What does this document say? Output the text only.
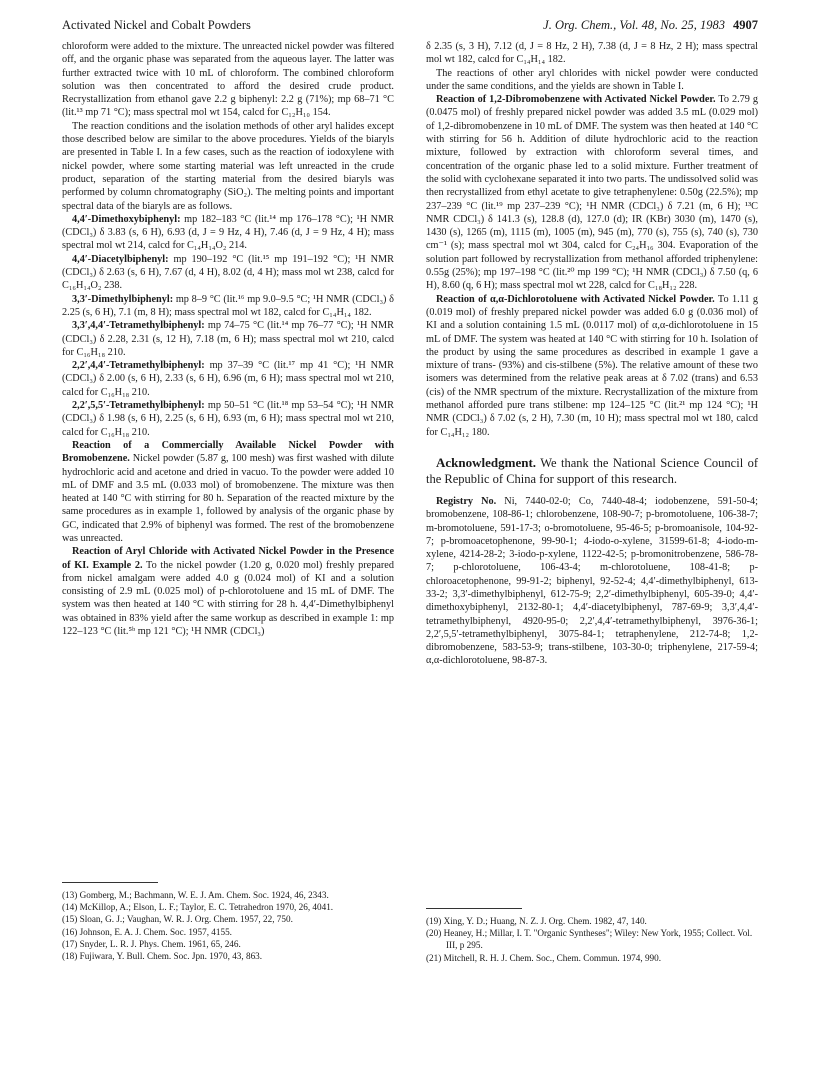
Activated Nickel and Cobalt Powders	J. Org. Chem., Vol. 48, No. 25, 1983 4907

chloroform were added to the mixture. The unreacted nickel powder was filtered off, and the organic phase was separated from the aqueous layer. The latter was further extracted twice with 10 mL of chloroform. The combined chloroform solution was then concentrated to afford the desired crude product. Recrystallization from ethanol gave 2.2 g biphenyl: 2.2 g (71%); mp 68–71 °C (lit.¹³ mp 71 °C); mass spectral mol wt 154, calcd for C₁₂H₁₀ 154.

The reaction conditions and the isolation methods of other aryl halides except those described below are similar to the above procedures. Yields of the biaryls are presented in Table I. In a few cases, such as the reaction of iodoxylene with nickel powder, where some starting material was left unreacted in the crude product, separation of the starting material from the desired biaryls was performed by column chromatography (SiO₂). The melting points and important spectral data of the biaryls are as follows.

4,4′-Dimethoxybiphenyl: mp 182–183 °C (lit.¹⁴ mp 176–178 °C); ¹H NMR (CDCl₃) δ 3.83 (s, 6 H), 6.93 (d, J = 9 Hz, 4 H), 7.46 (d, J = 9 Hz, 4 H); mass spectral mol wt 214, calcd for C₁₄H₁₄O₂ 214.

4,4′-Diacetylbiphenyl: mp 190–192 °C (lit.¹⁵ mp 191–192 °C); ¹H NMR (CDCl₃) δ 2.63 (s, 6 H), 7.67 (d, 4 H), 8.02 (d, 4 H); mass mol wt 238, calcd for C₁₆H₁₄O₂ 238.

3,3′-Dimethylbiphenyl: mp 8–9 °C (lit.¹⁶ mp 9.0–9.5 °C; ¹H NMR (CDCl₃) δ 2.25 (s, 6 H), 7.1 (m, 8 H); mass spectral mol wt 182, calcd for C₁₄H₁₄ 182.

3,3′,4,4′-Tetramethylbiphenyl: mp 74–75 °C (lit.¹⁴ mp 76–77 °C); ¹H NMR (CDCl₃) δ 2.28, 2.31 (s, 12 H), 7.18 (m, 6 H); mass spectral mol wt 210, calcd for C₁₆H₁₈ 210.

2,2′,4,4′-Tetramethylbiphenyl: mp 37–39 °C (lit.¹⁷ mp 41 °C); ¹H NMR (CDCl₃) δ 2.00 (s, 6 H), 2.33 (s, 6 H), 6.96 (m, 6 H); mass spectral mol wt 210, calcd for C₁₆H₁₈ 210.

2,2′,5,5′-Tetramethylbiphenyl: mp 50–51 °C (lit.¹⁸ mp 53–54 °C); ¹H NMR (CDCl₃) δ 1.98 (s, 6 H), 2.25 (s, 6 H), 6.93 (m, 6 H); mass spectral mol wt 210, calcd for C₁₆H₁₈ 210.

Reaction of a Commercially Available Nickel Powder with Bromobenzene. Nickel powder (5.87 g, 100 mesh) was first washed with dilute hydrochloric acid and acetone and dried in vacuo. To the powder were added 10 mL of DMF and 3.5 mL (0.033 mol) of bromobenzene. The mixture was then heated at 140 °C with stirring for 80 h. Separation of the reacted mixture by the same procedures as in example 1, followed by analysis of the organic phase by GC, indicated that 2.9% of biphenyl was formed. The rest of the bromobenzene was unreacted.

Reaction of Aryl Chloride with Activated Nickel Powder in the Presence of KI. Example 2. To the nickel powder (1.20 g, 0.020 mol) freshly prepared from nickel amalgam were added 4.0 g (0.024 mol) of KI and a solution consisting of 2.9 mL (0.025 mol) of p-chlorotoluene and 15 mL of DMF. The system was then heated at 140 °C with stirring for 28 h. 4,4′-Dimethylbiphenyl was obtained in 83% yield after the same workup as described in example 1: mp 122–123 °C (lit.⁵ᵇ mp 121 °C); ¹H NMR (CDCl₃)

δ 2.35 (s, 3 H), 7.12 (d, J = 8 Hz, 2 H), 7.38 (d, J = 8 Hz, 2 H); mass spectral mol wt 182, calcd for C₁₄H₁₄ 182.

The reactions of other aryl chlorides with nickel powder were conducted under the same conditions, and the yields are shown in Table I.

Reaction of 1,2-Dibromobenzene with Activated Nickel Powder. To 2.79 g (0.0475 mol) of freshly prepared nickel powder was added 3.5 mL (0.029 mol) of 1,2-dibromobenzene in 10 mL of DMF. The system was then heated at 140 °C with stirring for 56 h. Addition of dilute hydrochloric acid to the reaction mixture, followed by extraction with chloroform several times, and concentration of the organic phase led to a solid mixture. Further treatment of the solid with cyclohexane separated it into two parts. The undissolved solid was then recrystallized from ethyl acetate to give tetraphenylene: 0.50g (22.5%); mp 237–239 °C (lit.¹⁹ mp 237–239 °C); ¹H NMR (CDCl₃) δ 7.21 (m, 6 H); ¹³C NMR CDCl₃) δ 141.3 (s), 128.8 (d), 127.0 (d); IR (KBr) 3030 (m), 1470 (s), 1430 (s), 1265 (m), 1115 (m), 1005 (m), 945 (m), 770 (s), 755 (s), 740 (s), 730 cm⁻¹ (s); mass spectral mol wt 304, calcd for C₂₄H₁₆ 304. Evaporation of the solution part followed by recrystallization from methanol afforded triphenylene: 0.55g (25%); mp 197–198 °C (lit.²⁰ mp 199 °C); ¹H NMR (CDCl₃) δ 7.50 (q, 6 H), 8.60 (q, 6 H); mass spectral mol wt 228, calcd for C₁₈H₁₂ 228.

Reaction of α,α-Dichlorotoluene with Activated Nickel Powder. To 1.11 g (0.019 mol) of freshly prepared nickel powder was added 6.0 g (0.036 mol) of KI and a solution containing 1.5 mL (0.0117 mol) of α,α-dichlorotoluene in 15 mL of DMF. The system was heated at 140 °C with stirring for 10 h. Isolation of the product by using the same procedures as described in example 1 gave a mixture of trans- (93%) and cis-stilbene (5%). The relative amount of these two isomers was determined from the relative peak areas at δ 7.02 (trans) and 6.53 (cis) of the NMR spectrum of the mixture. Recrystallization of the mixture from methanol afforded pure trans stilbene: mp 124–125 °C (lit.²¹ mp 124 °C); ¹H NMR (CDCl₃) δ 7.02 (s, 2 H), 7.30 (m, 10 H); mass spectral mol wt 180, calcd for C₁₄H₁₂ 180.

Acknowledgment. We thank the National Science Council of the Republic of China for support of this research.

Registry No. Ni, 7440-02-0; Co, 7440-48-4; iodobenzene, 591-50-4; bromobenzene, 108-86-1; chlorobenzene, 108-90-7; p-bromotoluene, 106-38-7; m-bromotoluene, 591-17-3; o-bromotoluene, 95-46-5; p-bromoanisole, 104-92-7; p-bromoacetophenone, 99-90-1; 4-iodo-o-xylene, 31599-61-8; 4-iodo-m-xylene, 4214-28-2; 3-iodo-p-xylene, 1122-42-5; p-bromonitrobenzene, 586-78-7; p-chlorotoluene, 106-43-4; m-chlorotoluene, 108-41-8; p-chloroacetophenone, 99-91-2; biphenyl, 92-52-4; 4,4′-dimethylbiphenyl, 613-33-2; 3,3′-dimethylbiphenyl, 612-75-9; 2,2′-dimethylbiphenyl, 605-39-0; 4,4′-dimethoxybiphenyl, 2132-80-1; 4,4′-diacetylbiphenyl, 787-69-9; 3,3′,4,4′-tetramethylbiphenyl, 4920-95-0; 2,2′,4,4′-tetramethylbiphenyl, 3976-36-1; 2,2′,5,5′-tetramethylbiphenyl, 3075-84-1; tetraphenylene, 212-74-8; 1,2-dibromobenzene, 583-53-9; trans-stilbene, 103-30-0; triphenylene, 217-59-4; α,α-dichlorotoluene, 98-87-3.

(13) Gomberg, M.; Bachmann, W. E. J. Am. Chem. Soc. 1924, 46, 2343.
(14) McKillop, A.; Elson, L. F.; Taylor, E. C. Tetrahedron 1970, 26, 4041.
(15) Sloan, G. J.; Vaughan, W. R. J. Org. Chem. 1957, 22, 750.
(16) Johnson, E. A. J. Chem. Soc. 1957, 4155.
(17) Snyder, L. R. J. Phys. Chem. 1961, 65, 246.
(18) Fujiwara, Y. Bull. Chem. Soc. Jpn. 1970, 43, 863.
(19) Xing, Y. D.; Huang, N. Z. J. Org. Chem. 1982, 47, 140.
(20) Heaney, H.; Millar, I. T. "Organic Syntheses"; Wiley: New York, 1955; Collect. Vol. III, p 295.
(21) Mitchell, R. H. J. Chem. Soc., Chem. Commun. 1974, 990.
